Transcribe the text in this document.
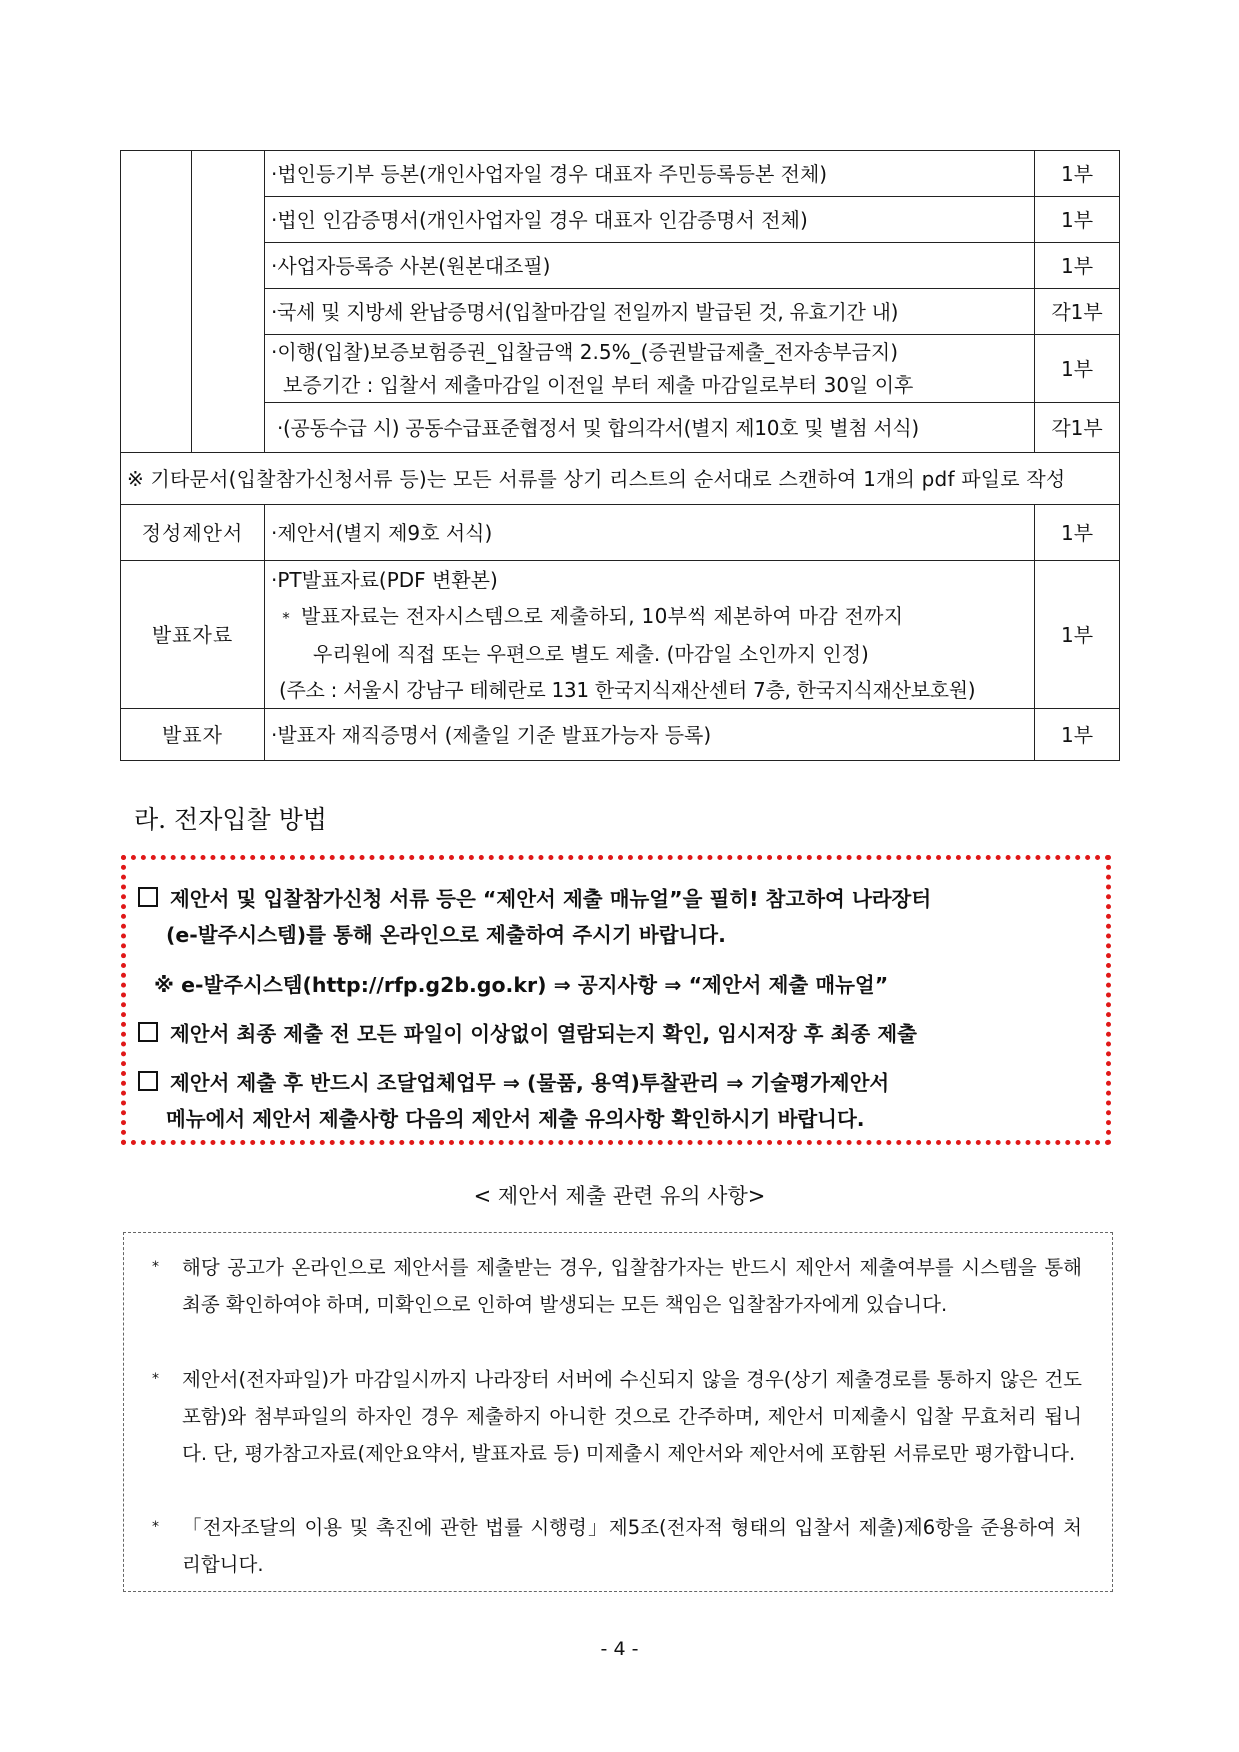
		·법인등기부 등본(개인사업자일 경우 대표자 주민등록등본 전체)	1부
		·법인 인감증명서(개인사업자일 경우 대표자 인감증명서 전체)	1부
		·사업자등록증 사본(원본대조필)	1부
		·국세 및 지방세 완납증명서(입찰마감일 전일까지 발급된 것, 유효기간 내)	각1부
		·이행(입찰)보증보험증권_입찰금액 2.5%_(증권발급제출_전자송부금지)

보증기간 : 입찰서 제출마감일 이전일 부터 제출 마감일로부터 30일 이후	1부
		·(공동수급 시) 공동수급표준협정서 및 합의각서(별지 제10호 및 별첨 서식)	각1부
※ 기타문서(입찰참가신청서류 등)는 모든 서류를 상기 리스트의 순서대로 스캔하여 1개의 pdf 파일로 작성			
정성제안서		·제안서(별지 제9호 서식)	1부
발표자료		·PT발표자료(PDF 변환본)
* 발표자료는 전자시스템으로 제출하되, 10부씩 제본하여 마감 전까지

우리원에 직접 또는 우편으로 별도 제출. (마감일 소인까지 인정)
(주소 : 서울시 강남구 테헤란로 131 한국지식재산센터 7층, 한국지식재산보호원)	1부
발표자		·발표자 재직증명서 (제출일 기준 발표가능자 등록)	1부
라. 전자입찰 방법
제안서 및 입찰참가신청 서류 등은 “제안서 제출 매뉴얼”을 필히! 참고하여 나라장터
(e-발주시스템)를 통해 온라인으로 제출하여 주시기 바랍니다.
※ e-발주시스템(http://rfp.g2b.go.kr) ⇒ 공지사항 ⇒ “제안서 제출 매뉴얼”
제안서 최종 제출 전 모든 파일이 이상없이 열람되는지 확인, 임시저장 후 최종 제출
제안서 제출 후 반드시 조달업체업무 ⇒ (물품, 용역)투찰관리 ⇒ 기술평가제안서
메뉴에서 제안서 제출사항 다음의 제안서 제출 유의사항 확인하시기 바랍니다.
< 제안서 제출 관련 유의 사항>
*	해당 공고가 온라인으로 제안서를 제출받는 경우, 입찰참가자는 반드시 제안서 제출여부를 시스템을 통해 최종 확인하여야 하며, 미확인으로 인하여 발생되는 모든 책임은 입찰참가자에게 있습니다.
*	제안서(전자파일)가 마감일시까지 나라장터 서버에 수신되지 않을 경우(상기 제출경로를 통하지 않은 건도 포함)와 첨부파일의 하자인 경우 제출하지 아니한 것으로 간주하며, 제안서 미제출시 입찰 무효처리 됩니다. 단, 평가참고자료(제안요약서, 발표자료 등) 미제출시 제안서와 제안서에 포함된 서류로만 평가합니다.
*	「전자조달의 이용 및 촉진에 관한 법률 시행령」제5조(전자적 형태의 입찰서 제출)제6항을 준용하여 처리합니다.
- 4 -
